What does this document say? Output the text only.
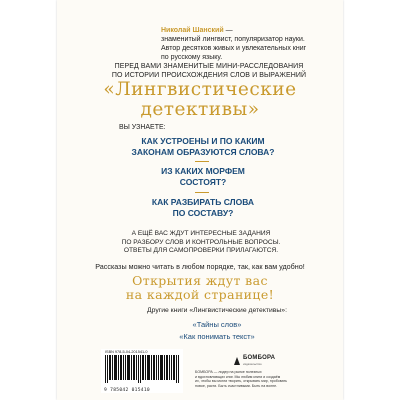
Николай Шанский —
знаменитый лингвист, популяризатор науки.
Автор десятков живых и увлекательных книг
по русскому языку.
ПЕРЕД ВАМИ ЗНАМЕНИТЫЕ МИНИ-РАССЛЕДОВАНИЯ
ПО ИСТОРИИ ПРОИСХОЖДЕНИЯ СЛОВ И ВЫРАЖЕНИЙ
«Лингвистические
детективы»
ВЫ УЗНАЕТЕ:
КАК УСТРОЕНЫ И ПО КАКИМ
ЗАКОНАМ ОБРАЗУЮТСЯ СЛОВА?
ИЗ КАКИХ МОРФЕМ
СОСТОЯТ?
КАК РАЗБИРАТЬ СЛОВА
ПО СОСТАВУ?
А ЕЩЁ ВАС ЖДУТ ИНТЕРЕСНЫЕ ЗАДАНИЯ
ПО РАЗБОРУ СЛОВ И КОНТРОЛЬНЫЕ ВОПРОСЫ.
ОТВЕТЫ ДЛЯ САМОПРОВЕРКИ ПРИЛАГАЮТСЯ.
Рассказы можно читать в любом порядке, так, как вам удобно!
Открытия ждут вас
на каждой странице!
Другие книги «Лингвистические детективы»:
«Тайны слов»
«Как понимать текст»
ISBN 978-5-04-201541-0
9 785042 015410
БОМБОРА
издательство
БОМБОРА — лидер на рынке полезных
и вдохновляющих книг. Мы любим книги и создаём
их, чтобы вы могли творить, открывать мир, пробовать
новое, расти. Быть счастливыми. Быть на волне.
